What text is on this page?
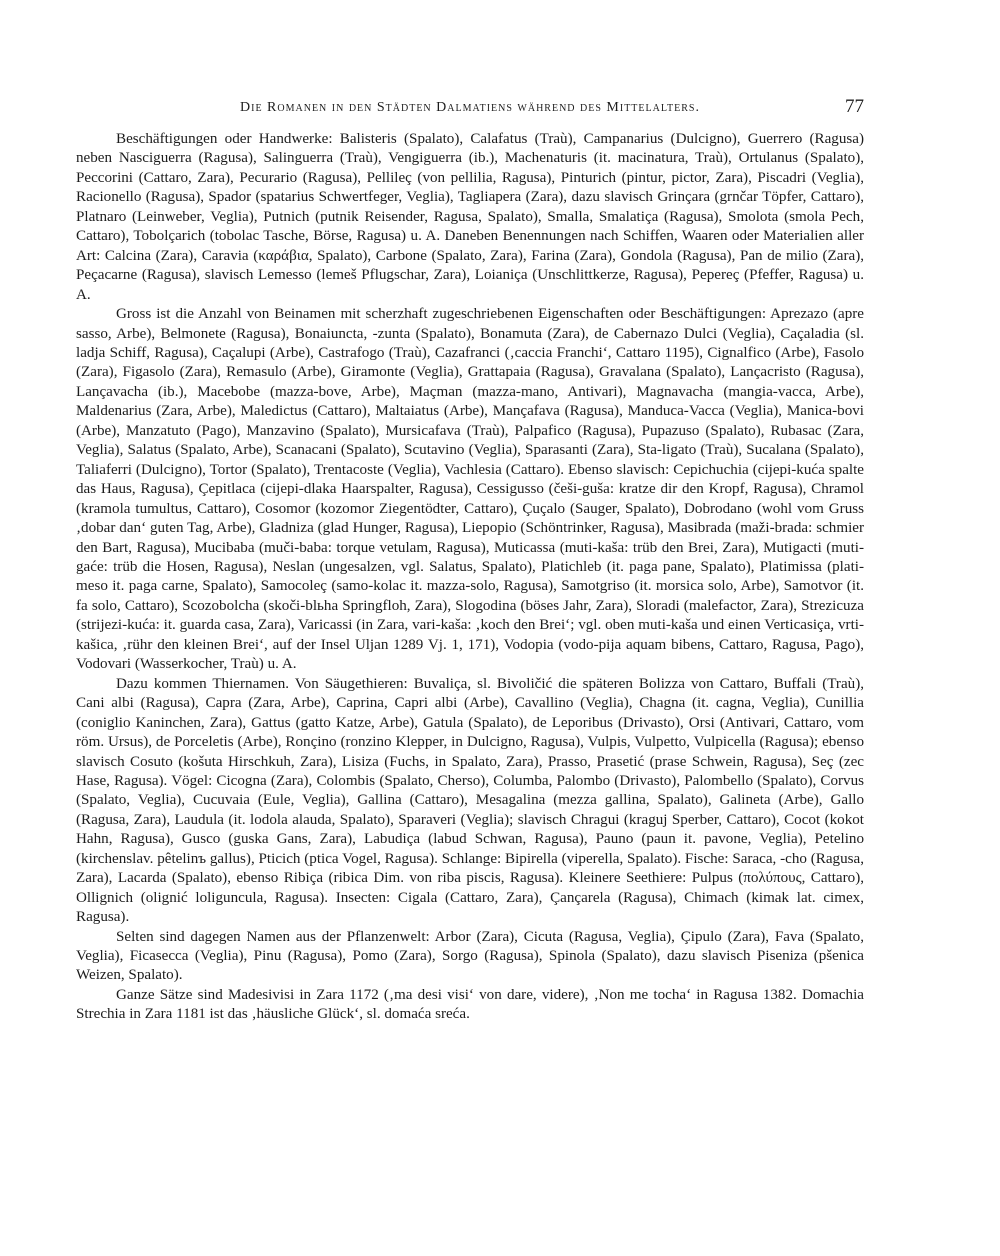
Die Romanen in den Städten Dalmatiens während des Mittelalters.	77

Beschäftigungen oder Handwerke: Balisteris (Spalato), Calafatus (Traù), Campanarius (Dulcigno), Guerrero (Ragusa) neben Nasciguerra (Ragusa), Salinguerra (Traù), Vengiguerra (ib.), Machenaturis (it. macinatura, Traù), Ortulanus (Spalato), Peccorini (Cattaro, Zara), Pecurario (Ragusa), Pellileç (von pellilia, Ragusa), Pinturich (pintur, pictor, Zara), Piscadri (Veglia), Racionello (Ragusa), Spador (spatarius Schwertfeger, Veglia), Tagliapera (Zara), dazu slavisch Grinçara (grnčar Töpfer, Cattaro), Platnaro (Leinweber, Veglia), Putnich (putnik Reisender, Ragusa, Spalato), Smalla, Smalatiça (Ragusa), Smolota (smola Pech, Cattaro), Tobolçarich (tobolac Tasche, Börse, Ragusa) u. A. Daneben Benennungen nach Schiffen, Waaren oder Materialien aller Art: Calcina (Zara), Caravia (καράβια, Spalato), Carbone (Spalato, Zara), Farina (Zara), Gondola (Ragusa), Pan de milio (Zara), Peçacarne (Ragusa), slavisch Lemesso (lemeš Pflugschar, Zara), Loianiça (Unschlittkerze, Ragusa), Pepereç (Pfeffer, Ragusa) u. A.

Gross ist die Anzahl von Beinamen mit scherzhaft zugeschriebenen Eigenschaften oder Beschäftigungen: Aprezazo (apre sasso, Arbe), Belmonete (Ragusa), Bonaiuncta, -zunta (Spalato), Bonamuta (Zara), de Cabernazo Dulci (Veglia), Caçaladia (sl. ladja Schiff, Ragusa), Caçalupi (Arbe), Castrafogo (Traù), Cazafranci (‚caccia Franchi‘, Cattaro 1195), Cignalfico (Arbe), Fasolo (Zara), Figasolo (Zara), Remasulo (Arbe), Giramonte (Veglia), Grattapaia (Ragusa), Gravalana (Spalato), Lançacristo (Ragusa), Lançavacha (ib.), Macebobe (mazza-bove, Arbe), Maçman (mazza-mano, Antivari), Magnavacha (mangia-vacca, Arbe), Maldenarius (Zara, Arbe), Maledictus (Cattaro), Maltaiatus (Arbe), Mançafava (Ragusa), Manduca-Vacca (Veglia), Manica-bovi (Arbe), Manzatuto (Pago), Manzavino (Spalato), Mursicafava (Traù), Palpafico (Ragusa), Pupazuso (Spalato), Rubasac (Zara, Veglia), Salatus (Spalato, Arbe), Scanacani (Spalato), Scutavino (Veglia), Sparasanti (Zara), Sta-ligato (Traù), Sucalana (Spalato), Taliaferri (Dulcigno), Tortor (Spalato), Trentacoste (Veglia), Vachlesia (Cattaro). Ebenso slavisch: Cepichuchia (cijepi-kuća spalte das Haus, Ragusa), Çepitlaca (cijepi-dlaka Haarspalter, Ragusa), Cessigusso (češi-guša: kratze dir den Kropf, Ragusa), Chramol (kramola tumultus, Cattaro), Cosomor (kozomor Ziegentödter, Cattaro), Çuçalo (Sauger, Spalato), Dobrodano (wohl vom Gruss ‚dobar dan‘ guten Tag, Arbe), Gladniza (glad Hunger, Ragusa), Liepopio (Schöntrinker, Ragusa), Masibrada (maži-brada: schmier den Bart, Ragusa), Mucibaba (muči-baba: torque vetulam, Ragusa), Muticassa (muti-kaša: trüb den Brei, Zara), Mutigacti (muti-gaće: trüb die Hosen, Ragusa), Neslan (ungesalzen, vgl. Salatus, Spalato), Platichleb (it. paga pane, Spalato), Platimissa (plati-meso it. paga carne, Spalato), Samocoleç (samo-kolac it. mazza-solo, Ragusa), Samotgriso (it. morsica solo, Arbe), Samotvor (it. fa solo, Cattaro), Scozobolcha (skoči-blьha Springfloh, Zara), Slogodina (böses Jahr, Zara), Sloradi (malefactor, Zara), Strezicuza (strijezi-kuća: it. guarda casa, Zara), Varicassi (in Zara, vari-kaša: ‚koch den Brei‘; vgl. oben muti-kaša und einen Verticasiça, vrti-kašica, ‚rühr den kleinen Brei‘, auf der Insel Uljan 1289 Vj. 1, 171), Vodopia (vodo-pija aquam bibens, Cattaro, Ragusa, Pago), Vodovari (Wasserkocher, Traù) u. A.

Dazu kommen Thiernamen. Von Säugethieren: Buvaliça, sl. Bivoličić die späteren Bolizza von Cattaro, Buffali (Traù), Cani albi (Ragusa), Capra (Zara, Arbe), Caprina, Capri albi (Arbe), Cavallino (Veglia), Chagna (it. cagna, Veglia), Cunillia (coniglio Kaninchen, Zara), Gattus (gatto Katze, Arbe), Gatula (Spalato), de Leporibus (Drivasto), Orsi (Antivari, Cattaro, vom röm. Ursus), de Porceletis (Arbe), Ronçino (ronzino Klepper, in Dulcigno, Ragusa), Vulpis, Vulpetto, Vulpicella (Ragusa); ebenso slavisch Cosuto (košuta Hirschkuh, Zara), Lisiza (Fuchs, in Spalato, Zara), Prasso, Prasetić (prase Schwein, Ragusa), Seç (zec Hase, Ragusa). Vögel: Cicogna (Zara), Colombis (Spalato, Cherso), Columba, Palombo (Drivasto), Palombello (Spalato), Corvus (Spalato, Veglia), Cucuvaia (Eule, Veglia), Gallina (Cattaro), Mesagalina (mezza gallina, Spalato), Galineta (Arbe), Gallo (Ragusa, Zara), Laudula (it. lodola alauda, Spalato), Sparaveri (Veglia); slavisch Chragui (kraguj Sperber, Cattaro), Cocot (kokot Hahn, Ragusa), Gusco (guska Gans, Zara), Labudiça (labud Schwan, Ragusa), Pauno (paun it. pavone, Veglia), Petelino (kirchenslav. pêtelinъ gallus), Pticich (ptica Vogel, Ragusa). Schlange: Bipirella (viperella, Spalato). Fische: Saraca, -cho (Ragusa, Zara), Lacarda (Spalato), ebenso Ribiça (ribica Dim. von riba piscis, Ragusa). Kleinere Seethiere: Pulpus (πολύπους, Cattaro), Ollignich (olignić loliguncula, Ragusa). Insecten: Cigala (Cattaro, Zara), Çançarela (Ragusa), Chimach (kimak lat. cimex, Ragusa).

Selten sind dagegen Namen aus der Pflanzenwelt: Arbor (Zara), Cicuta (Ragusa, Veglia), Çipulo (Zara), Fava (Spalato, Veglia), Ficasecca (Veglia), Pinu (Ragusa), Pomo (Zara), Sorgo (Ragusa), Spinola (Spalato), dazu slavisch Piseniza (pšenica Weizen, Spalato).

Ganze Sätze sind Madesivisi in Zara 1172 (‚ma desi visi‘ von dare, videre), ‚Non me tocha‘ in Ragusa 1382. Domachia Strechia in Zara 1181 ist das ‚häusliche Glück‘, sl. domaća sreća.
